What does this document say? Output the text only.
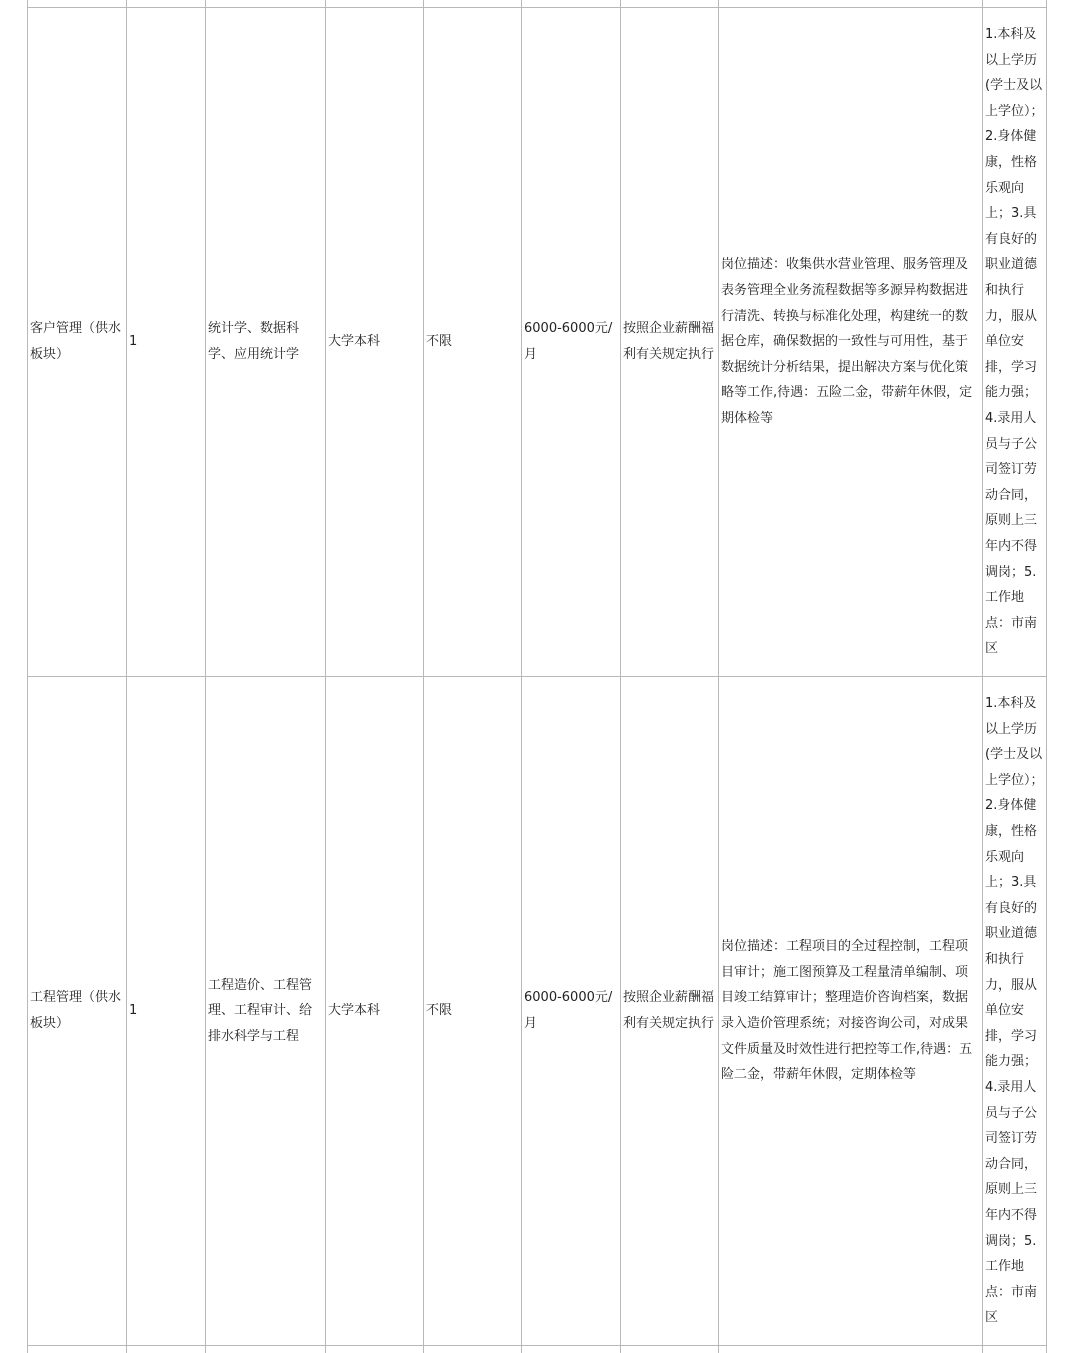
客户管理（供水板块）
1
统计学、数据科学、应用统计学
大学本科	不限
6000-6000元/月
按照企业薪酬福利有关规定执行
岗位描述：收集供水营业管理、服务管理及表务管理全业务流程数据等多源异构数据进行清洗、转换与标准化处理，构建统一的数据仓库，确保数据的一致性与可用性，基于数据统计分析结果，提出解决方案与优化策略等工作,待遇：五险二金，带薪年休假，定期体检等
1.本科及以上学历(学士及以上学位）；2.身体健康，性格乐观向上；3.具有良好的职业道德和执行力，服从单位安排，学习能力强；4.录用人员与子公司签订劳动合同，原则上三年内不得调岗；5.工作地点：市南区
工程管理（供水板块）
1
工程造价、工程管理、工程审计、给排水科学与工程
大学本科	不限
6000-6000元/月
按照企业薪酬福利有关规定执行
岗位描述：工程项目的全过程控制，工程项目审计；施工图预算及工程量清单编制、项目竣工结算审计；整理造价咨询档案，数据录入造价管理系统；对接咨询公司，对成果文件质量及时效性进行把控等工作,待遇：五险二金，带薪年休假，定期体检等
1.本科及以上学历(学士及以上学位）；2.身体健康，性格乐观向上；3.具有良好的职业道德和执行力，服从单位安排，学习能力强；4.录用人员与子公司签订劳动合同，原则上三年内不得调岗；5.工作地点：市南区
